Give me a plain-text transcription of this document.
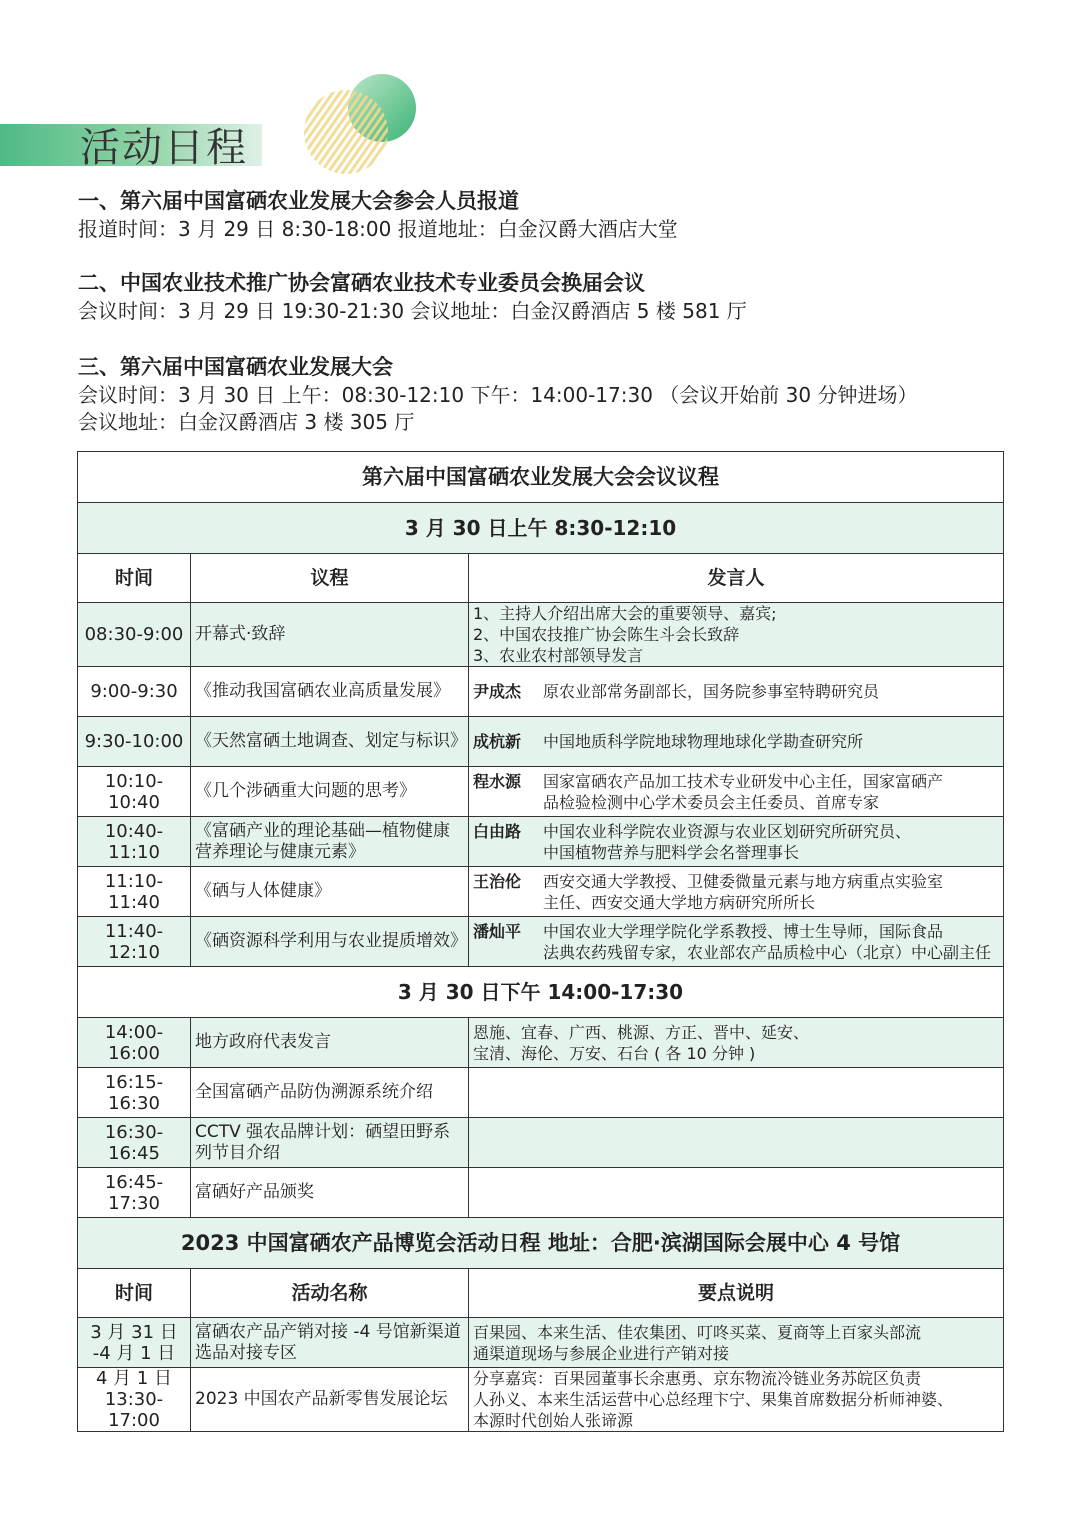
活动日程
一、第六届中国富硒农业发展大会参会人员报道

报道时间：3 月 29 日 8:30-18:00 报道地址：白金汉爵大酒店大堂

二、中国农业技术推广协会富硒农业技术专业委员会换届会议

会议时间：3 月 29 日 19:30-21:30 会议地址：白金汉爵酒店 5 楼 581 厅

三、第六届中国富硒农业发展大会

会议时间：3 月 30 日 上午：08:30-12:10 下午：14:00-17:30 （会议开始前 30 分钟进场）

会议地址：白金汉爵酒店 3 楼 305 厅

第六届中国富硒农业发展大会会议议程		
3 月 30 日上午 8:30-12:10		
时间	议程	发言人
08:30-9:00	开幕式·致辞	1、主持人介绍出席大会的重要领导、嘉宾;
2、中国农技推广协会陈生斗会长致辞
3、农业农村部领导发言

9:00-9:30	《推动我国富硒农业高质量发展》	尹成杰 原农业部常务副部长，国务院参事室特聘研究员

9:30-10:00	《天然富硒土地调查、划定与标识》	成杭新 中国地质科学院地球物理地球化学勘查研究所

10:10-10:40	《几个涉硒重大问题的思考》	程水源 国家富硒农产品加工技术专业研发中心主任，国家富硒产
品检验检测中心学术委员会主任委员、首席专家

10:40-11:10	《富硒产业的理论基础—植物健康营养理论与健康元素》	白由路 中国农业科学院农业资源与农业区划研究所研究员、
中国植物营养与肥料学会名誉理事长

11:10-11:40	《硒与人体健康》	王治伦 西安交通大学教授、卫健委微量元素与地方病重点实验室
主任、西安交通大学地方病研究所所长

11:40-12:10	《硒资源科学利用与农业提质增效》	潘灿平 中国农业大学理学院化学系教授、博士生导师，国际食品
法典农药残留专家，农业部农产品质检中心（北京）中心副主任

3 月 30 日下午 14:00-17:30		
14:00-16:00	地方政府代表发言	恩施、宜春、广西、桃源、方正、晋中、延安、
宝清、海伦、万安、石台 ( 各 10 分钟 )

16:15-16:30	全国富硒产品防伪溯源系统介绍	
16:30-16:45	CCTV 强农品牌计划：硒望田野系列节目介绍	
16:45-17:30	富硒好产品颁奖	
2023 中国富硒农产品博览会活动日程 地址：合肥·滨湖国际会展中心 4 号馆		
时间	活动名称	要点说明

3 月 31 日
-4 月 1 日	富硒农产品产销对接 -4 号馆新渠道选品对接专区	百果园、本来生活、佳农集团、叮咚买菜、夏商等上百家头部流
通渠道现场与参展企业进行产销对接

4 月 1 日
13:30-17:00	2023 中国农产品新零售发展论坛	分享嘉宾：百果园董事长余惠勇、京东物流冷链业务苏皖区负责
人孙义、本来生活运营中心总经理卞宁、果集首席数据分析师神婆、
本源时代创始人张谛源
